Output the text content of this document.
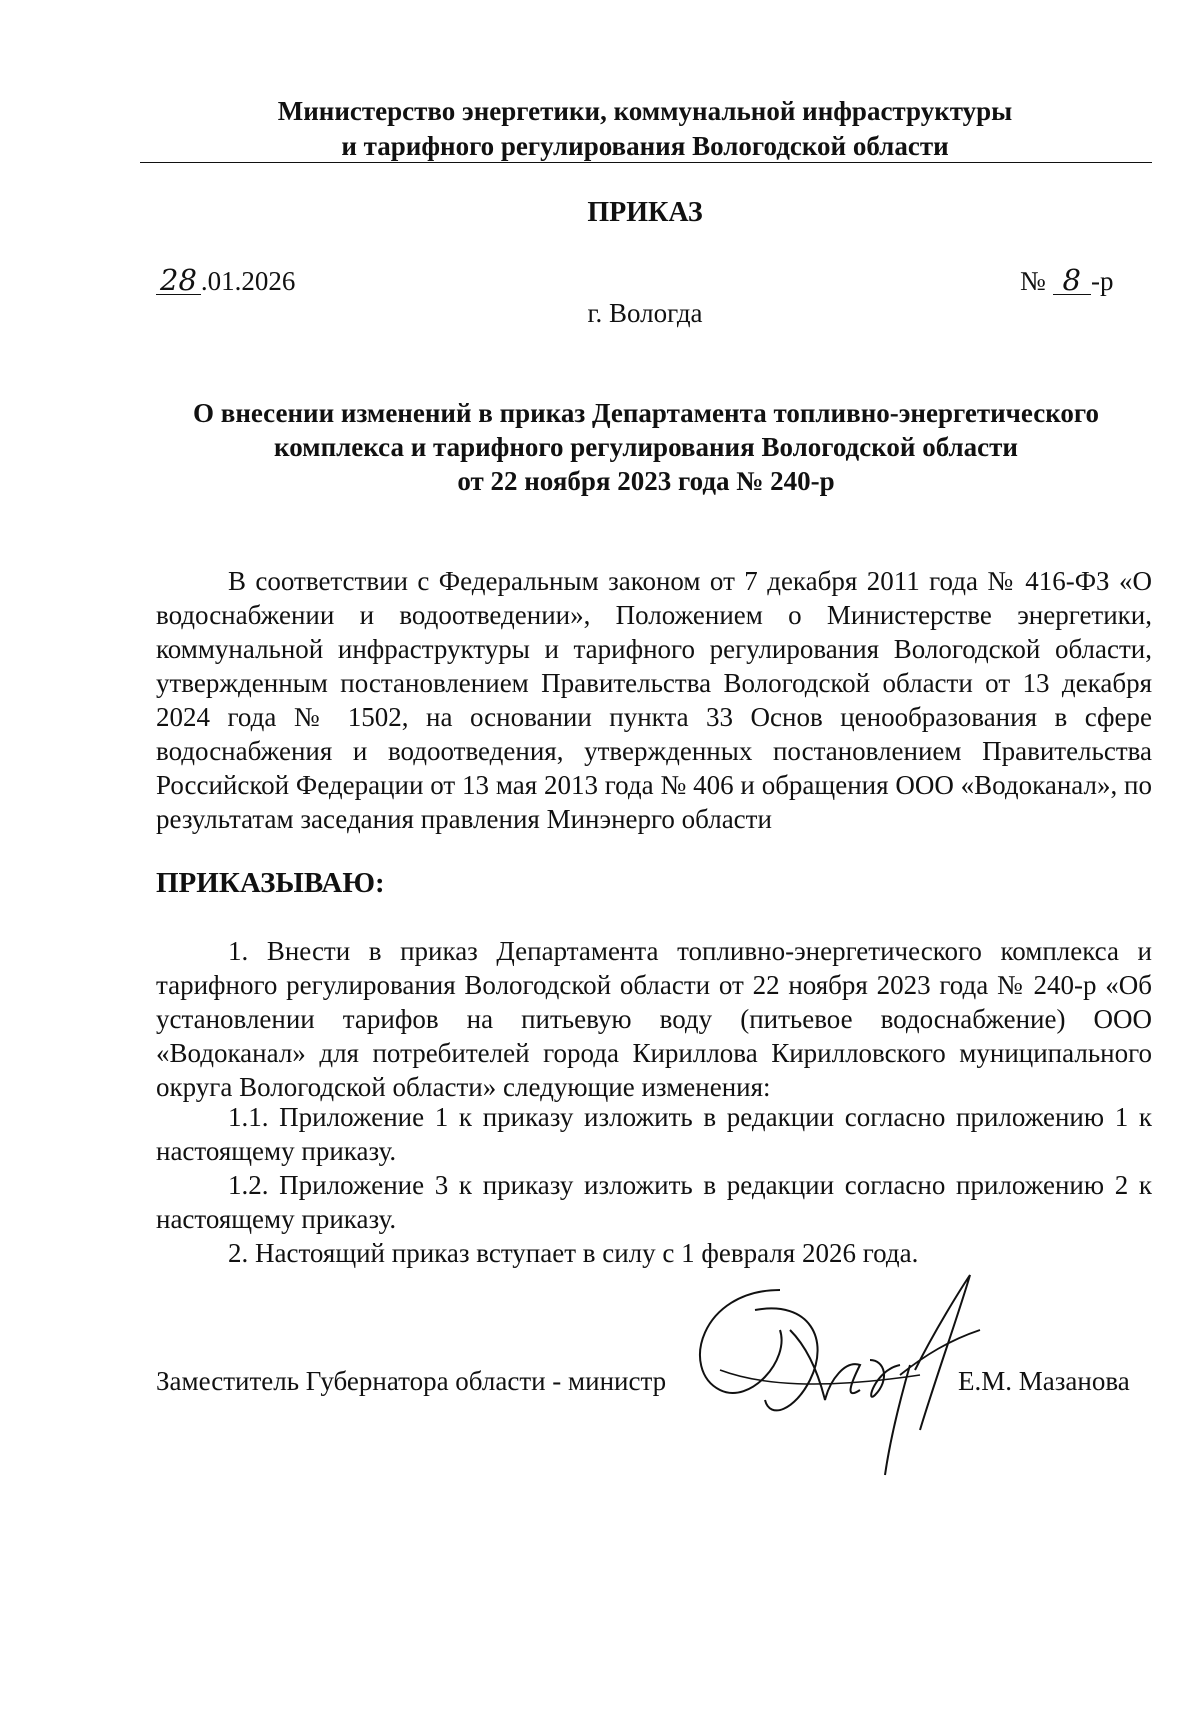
Министерство энергетики, коммунальной инфраструктуры
и тарифного регулирования Вологодской области
ПРИКАЗ
28 .01.2026	№ 8 -р
г. Вологда
О внесении изменений в приказ Департамента топливно-энергетического
комплекса и тарифного регулирования Вологодской области
от 22 ноября 2023 года № 240-р
В соответствии с Федеральным законом от 7 декабря 2011 года № 416-ФЗ «О водоснабжении и водоотведении», Положением о Министерстве энергетики, коммунальной инфраструктуры и тарифного регулирования Вологодской области, утвержденным постановлением Правительства Вологодской области от 13 декабря 2024 года № 1502, на основании пункта 33 Основ ценообразования в сфере водоснабжения и водоотведения, утвержденных постановлением Правительства Российской Федерации от 13 мая 2013 года № 406 и обращения ООО «Водоканал», по результатам заседания правления Минэнерго области
ПРИКАЗЫВАЮ:
1. Внести в приказ Департамента топливно-энергетического комплекса и тарифного регулирования Вологодской области от 22 ноября 2023 года № 240-р «Об установлении тарифов на питьевую воду (питьевое водоснабжение) ООО «Водоканал» для потребителей города Кириллова Кирилловского муниципального округа Вологодской области» следующие изменения:
1.1. Приложение 1 к приказу изложить в редакции согласно приложению 1 к настоящему приказу.
1.2. Приложение 3 к приказу изложить в редакции согласно приложению 2 к настоящему приказу.
2. Настоящий приказ вступает в силу с 1 февраля 2026 года.
Заместитель Губернатора области - министр	Е.М. Мазанова
